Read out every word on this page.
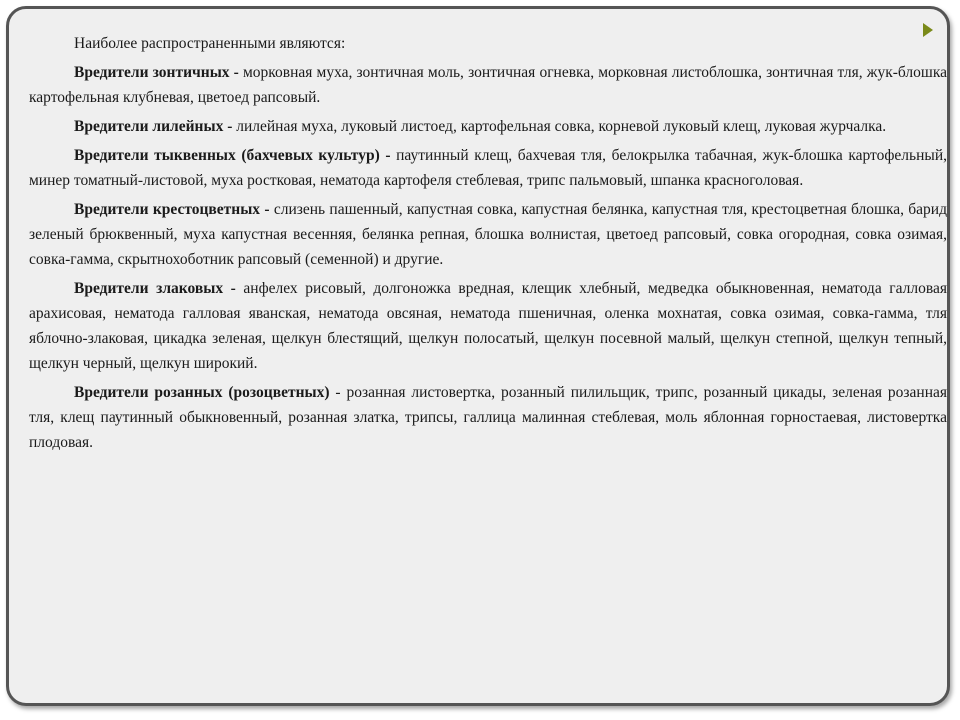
Наиболее распространенными являются:

Вредители зонтичных - морковная муха, зонтичная моль, зонтичная огневка, морковная листоблошка, зонтичная тля, жук-блошка картофельная клубневая, цветоед рапсовый.

Вредители лилейных - лилейная муха, луковый листоед, картофельная совка, корневой луковый клещ, луковая журчалка.

Вредители тыквенных (бахчевых культур) - паутинный клещ, бахчевая тля, белокрылка табачная, жук-блошка картофельный, минер томатный-листовой, муха ростковая, нематода картофеля стеблевая, трипс пальмовый, шпанка красноголовая.

Вредители крестоцветных - слизень пашенный, капустная совка, капустная белянка, капустная тля, крестоцветная блошка, барид зеленый брюквенный, муха капустная весенняя, белянка репная, блошка волнистая, цветоед рапсовый, совка огородная, совка озимая, совка-гамма, скрытнохоботник рапсовый (семенной) и другие.

Вредители злаковых - анфелех рисовый, долгоножка вредная, клещик хлебный, медведка обыкновенная, нематода галловая арахисовая, нематода галловая яванская, нематода овсяная, нематода пшеничная, оленка мохнатая, совка озимая, совка-гамма, тля яблочно-злаковая, цикадка зеленая, щелкун блестящий, щелкун полосатый, щелкун посевной малый, щелкун степной, щелкун тепный, щелкун черный, щелкун широкий.

Вредители розанных (розоцветных) - розанная листовертка, розанный пилильщик, трипс, розанный цикады, зеленая розанная тля, клещ паутинный обыкновенный, розанная златка, трипсы, галлица малинная стеблевая, моль яблонная горностаевая, листовертка плодовая.
